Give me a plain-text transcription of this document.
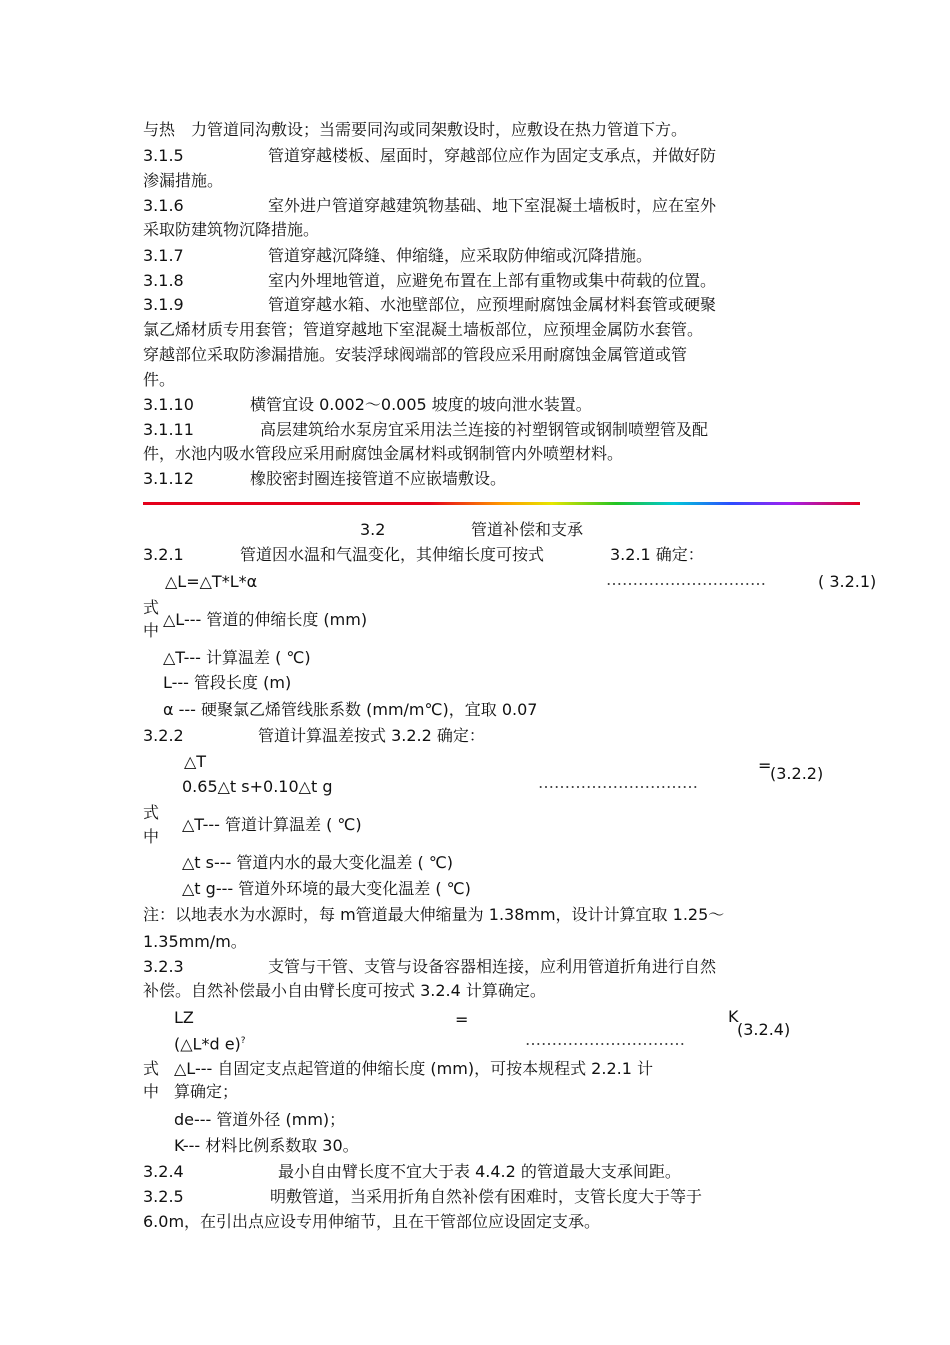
与热　力管道同沟敷设；当需要同沟或同架敷设时，应敷设在热力管道下方。
3.1.5	管道穿越楼板、屋面时，穿越部位应作为固定支承点，并做好防
渗漏措施。
3.1.6	室外进户管道穿越建筑物基础、地下室混凝土墙板时，应在室外
采取防建筑物沉降措施。
3.1.7	管道穿越沉降缝、伸缩缝，应采取防伸缩或沉降措施。
3.1.8	室内外埋地管道，应避免布置在上部有重物或集中荷载的位置。
3.1.9	管道穿越水箱、水池壁部位，应预埋耐腐蚀金属材料套管或硬聚
氯乙烯材质专用套管；管道穿越地下室混凝土墙板部位，应预埋金属防水套管。
穿越部位采取防渗漏措施。安装浮球阀端部的管段应采用耐腐蚀金属管道或管
件。
3.1.10	横管宜设 0.002～0.005 坡度的坡向泄水装置。
3.1.11	高层建筑给水泵房宜采用法兰连接的衬塑钢管或钢制喷塑管及配
件，水池内吸水管段应采用耐腐蚀金属材料或钢制管内外喷塑材料。
3.1.12	橡胶密封圈连接管道不应嵌墙敷设。
3.2	管道补偿和支承
3.2.1	管道因水温和气温变化，其伸缩长度可按式	3.2.1 确定：
△L=△T*L*α	…………………………	( 3.2.1)
式
中
△L--- 管道的伸缩长度 (mm)
△T--- 计算温差 ( ℃)
L--- 管段长度 (m)
α --- 硬聚氯乙烯管线胀系数 (mm/m℃)，宜取 0.07
3.2.2	管道计算温差按式 3.2.2 确定：
△T	=
0.65△t s+0.10△t g	…………………………	(3.2.2)
式
中
△T--- 管道计算温差 ( ℃)
△t s--- 管道内水的最大变化温差 ( ℃)
△t g--- 管道外环境的最大变化温差 ( ℃)
注：以地表水为水源时，每 m管道最大伸缩量为 1.38mm，设计计算宜取 1.25～
1.35mm/m。
3.2.3	支管与干管、支管与设备容器相连接，应利用管道折角进行自然
补偿。自然补偿最小自由臂长度可按式 3.2.4 计算确定。
LZ	=	K
(△L*d e)?	…………………………
(3.2.4)
式
中
△L--- 自固定支点起管道的伸缩长度 (mm)，可按本规程式 2.2.1 计
算确定；
de--- 管道外径 (mm)；
K--- 材料比例系数取 30。
3.2.4	最小自由臂长度不宜大于表 4.4.2 的管道最大支承间距。
3.2.5	明敷管道，当采用折角自然补偿有困难时，支管长度大于等于
6.0m，在引出点应设专用伸缩节，且在干管部位应设固定支承。
